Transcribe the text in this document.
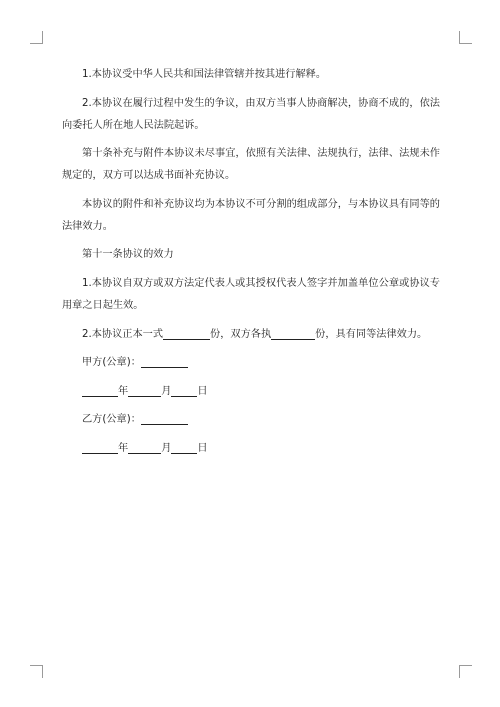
1.本协议受中华人民共和国法律管辖并按其进行解释。

2.本协议在履行过程中发生的争议，由双方当事人协商解决，协商不成的，依法向委托人所在地人民法院起诉。

第十条补充与附件本协议未尽事宜，依照有关法律、法规执行，法律、法规未作规定的，双方可以达成书面补充协议。

本协议的附件和补充协议均为本协议不可分割的组成部分，与本协议具有同等的法律效力。

第十一条协议的效力

1.本协议自双方或双方法定代表人或其授权代表人签字并加盖单位公章或协议专用章之日起生效。

2.本协议正本一式	份，双方各执	份，具有同等法律效力。

甲方(公章)：

年	月	日

乙方(公章)：

年	月	日
